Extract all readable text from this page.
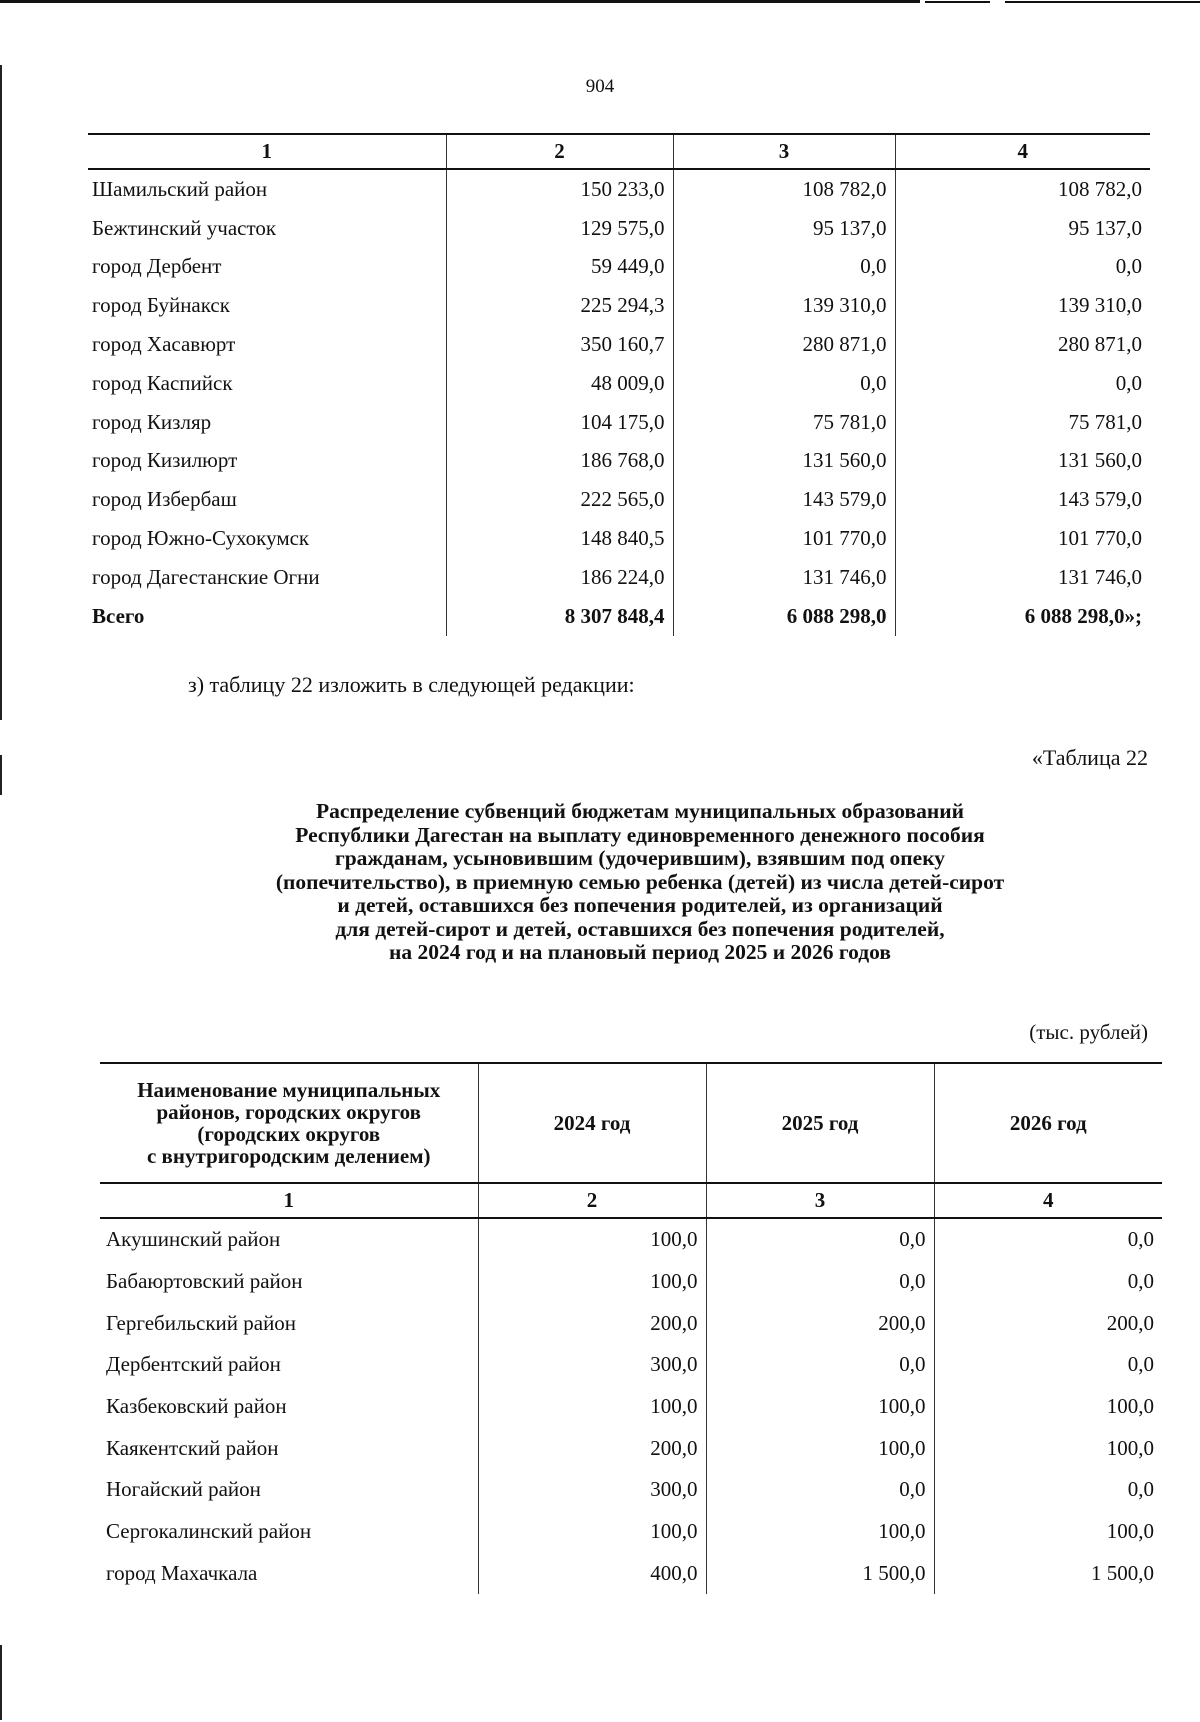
904
1	2	3	4
Шамильский район	150 233,0	108 782,0	108 782,0
Бежтинский участок	129 575,0	95 137,0	95 137,0
город Дербент	59 449,0	0,0	0,0
город Буйнакск	225 294,3	139 310,0	139 310,0
город Хасавюрт	350 160,7	280 871,0	280 871,0
город Каспийск	48 009,0	0,0	0,0
город Кизляр	104 175,0	75 781,0	75 781,0
город Кизилюрт	186 768,0	131 560,0	131 560,0
город Избербаш	222 565,0	143 579,0	143 579,0
город Южно-Сухокумск	148 840,5	101 770,0	101 770,0
город Дагестанские Огни	186 224,0	131 746,0	131 746,0
Всего	8 307 848,4	6 088 298,0	6 088 298,0»;
з) таблицу 22 изложить в следующей редакции:
«Таблица 22
Распределение субвенций бюджетам муниципальных образований
Республики Дагестан на выплату единовременного денежного пособия
гражданам, усыновившим (удочерившим), взявшим под опеку
(попечительство), в приемную семью ребенка (детей) из числа детей-сирот
и детей, оставшихся без попечения родителей, из организаций
для детей-сирот и детей, оставшихся без попечения родителей,
на 2024 год и на плановый период 2025 и 2026 годов
(тыс. рублей)
Наименование муниципальных
районов, городских округов
(городских округов
с внутригородским делением)	2024 год	2025 год	2026 год
1	2	3	4
Акушинский район	100,0	0,0	0,0
Бабаюртовский район	100,0	0,0	0,0
Гергебильский район	200,0	200,0	200,0
Дербентский район	300,0	0,0	0,0
Казбековский район	100,0	100,0	100,0
Каякентский район	200,0	100,0	100,0
Ногайский район	300,0	0,0	0,0
Сергокалинский район	100,0	100,0	100,0
город Махачкала	400,0	1 500,0	1 500,0
